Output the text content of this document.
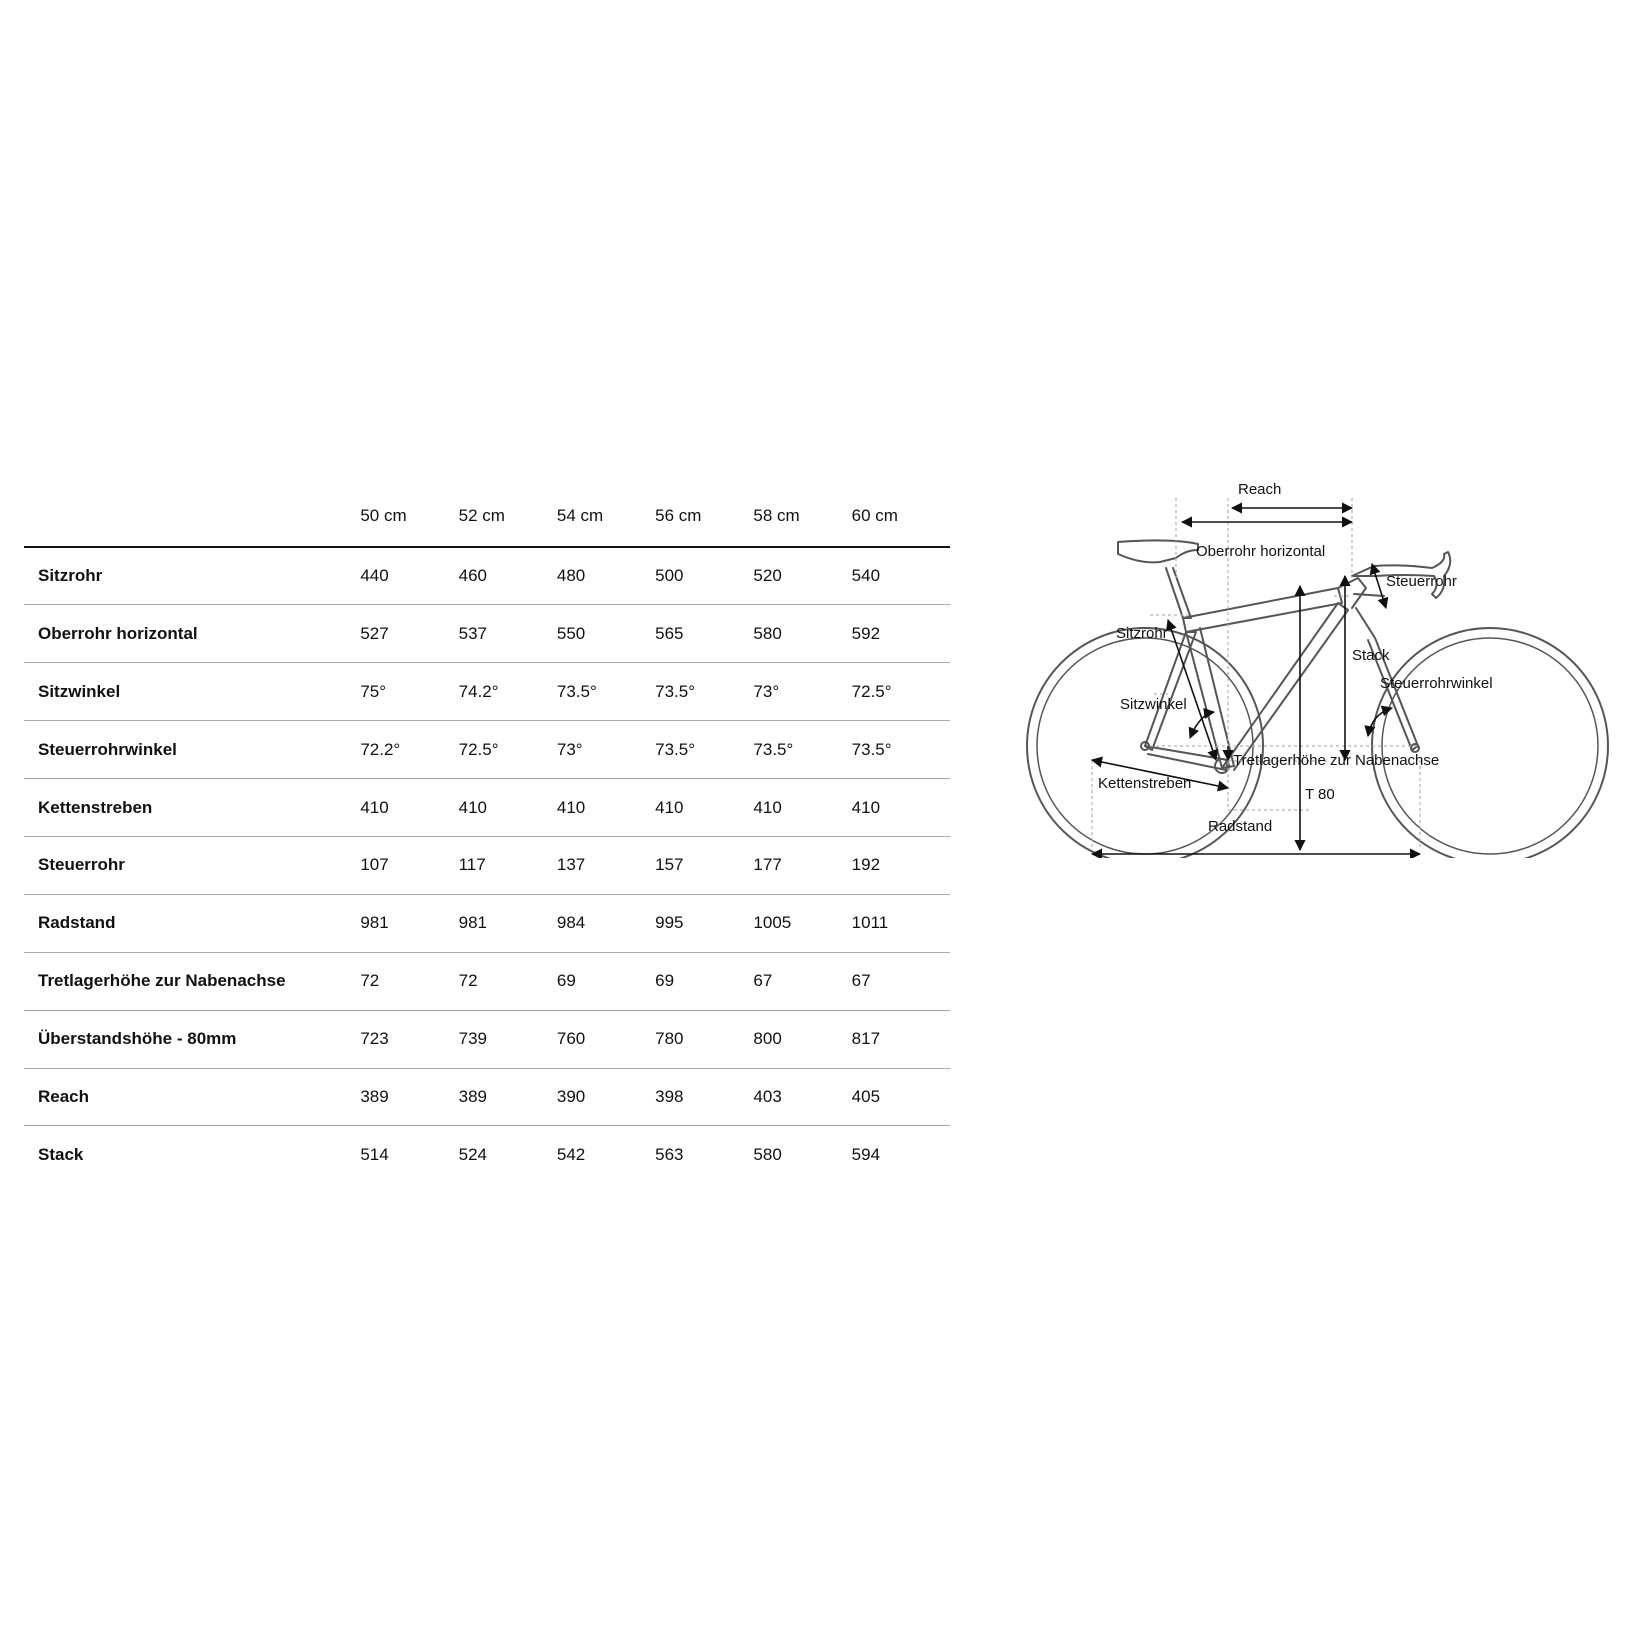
	50 cm	52 cm	54 cm	56 cm	58 cm	60 cm
Sitzrohr	440	460	480	500	520	540
Oberrohr horizontal	527	537	550	565	580	592
Sitzwinkel	75°	74.2°	73.5°	73.5°	73°	72.5°
Steuerrohrwinkel	72.2°	72.5°	73°	73.5°	73.5°	73.5°
Kettenstreben	410	410	410	410	410	410
Steuerrohr	107	117	137	157	177	192
Radstand	981	981	984	995	1005	1011
Tretlagerhöhe zur Nabenachse	72	72	69	69	67	67
Überstandshöhe - 80mm	723	739	760	780	800	817
Reach	389	389	390	398	403	405
Stack	514	524	542	563	580	594
Reach
Oberrohr horizontal
Steuerrohr
Sitzrohr
Stack
Steuerrohrwinkel
Sitzwinkel
Tretlagerhöhe zur Nabenachse
Kettenstreben
T 80
Radstand
